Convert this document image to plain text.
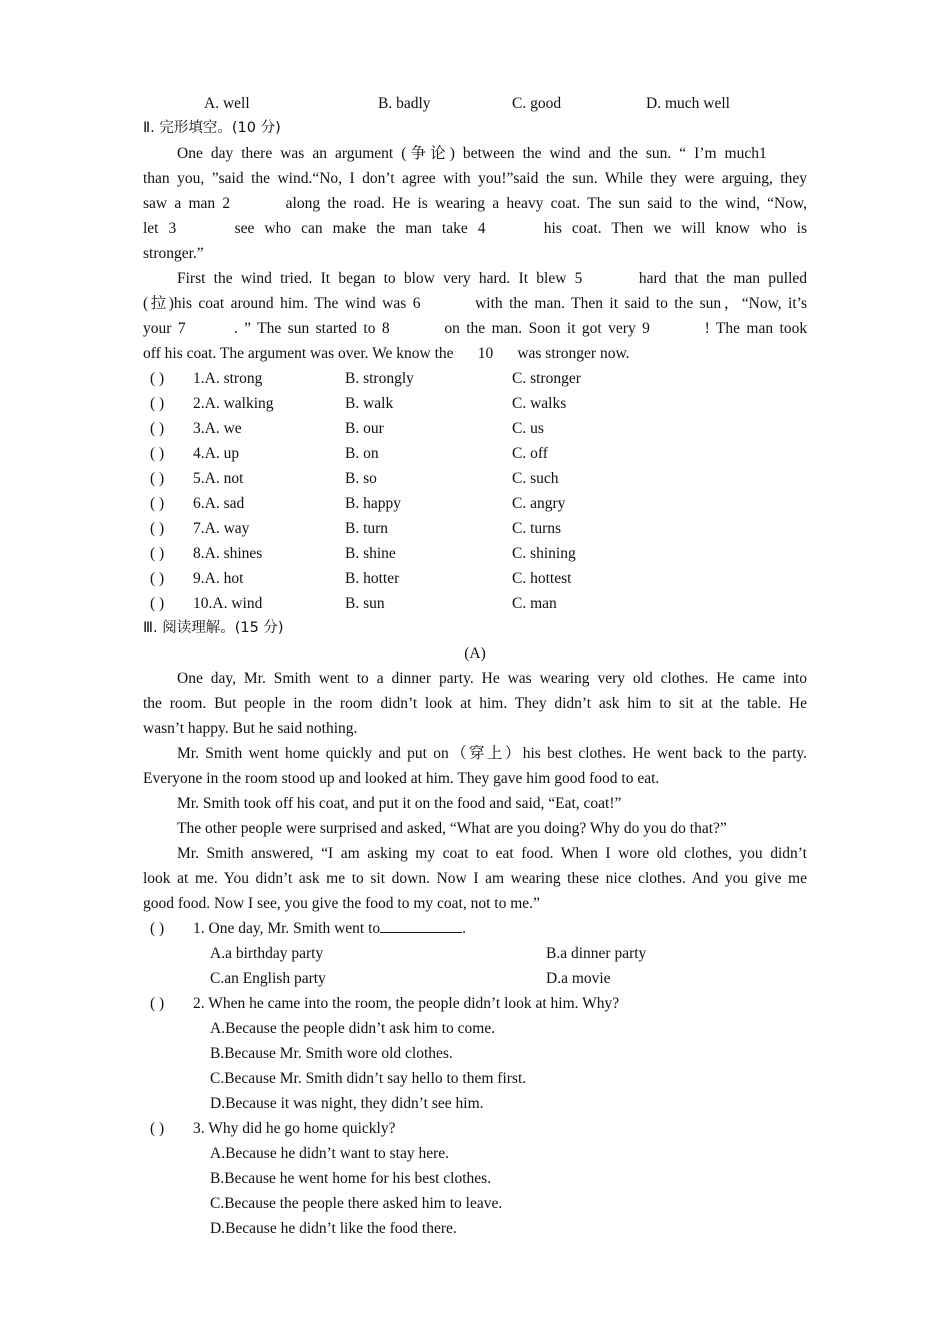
A. well	B. badly	C. good	D. much well
Ⅱ. 完形填空。(10 分)
One day there was an argument (争论) between the wind and the sun. “ I’m much1
than you, ”said the wind.“No, I don’t agree with you!”said the sun. While they were arguing, they
saw a man 2	along the road. He is wearing a heavy coat. The sun said to the wind, “Now,
let 3	see who can make the man take 4	his coat. Then we will know who is
stronger.”
First the wind tried. It began to blow very hard. It blew 5	hard that the man pulled
(拉)his coat around him. The wind was 6	with the man. Then it said to the sun，“Now, it’s
your 7	. ” The sun started to 8	on the man. Soon it got very 9	! The man took
off his coat. The argument was over. We know the 10 was stronger now.
( ) 1.A. strong	B. strongly	C. stronger
( ) 2.A. walking	B. walk	C. walks
( ) 3.A. we	B. our	C. us
( ) 4.A. up	B. on	C. off
( ) 5.A. not	B. so	C. such
( ) 6.A. sad	B. happy	C. angry
( ) 7.A. way	B. turn	C. turns
( ) 8.A. shines	B. shine	C. shining
( ) 9.A. hot	B. hotter	C. hottest
( ) 10.A. wind	B. sun	C. man
Ⅲ. 阅读理解。(15 分)
(A)
One day, Mr. Smith went to a dinner party. He was wearing very old clothes. He came into
the room. But people in the room didn’t look at him. They didn’t ask him to sit at the table. He
wasn’t happy. But he said nothing.
Mr. Smith went home quickly and put on（穿上）his best clothes. He went back to the party.
Everyone in the room stood up and looked at him. They gave him good food to eat.
Mr. Smith took off his coat, and put it on the food and said, “Eat, coat!”
The other people were surprised and asked, “What are you doing? Why do you do that?”
Mr. Smith answered, “I am asking my coat to eat food. When I wore old clothes, you didn’t
look at me. You didn’t ask me to sit down. Now I am wearing these nice clothes. And you give me
good food. Now I see, you give the food to my coat, not to me.”
( ) 1. One day, Mr. Smith went to	.
A.a birthday party	B.a dinner party
C.an English party	D.a movie
( ) 2. When he came into the room, the people didn’t look at him. Why?
A.Because the people didn’t ask him to come.
B.Because Mr. Smith wore old clothes.
C.Because Mr. Smith didn’t say hello to them first.
D.Because it was night, they didn’t see him.
( ) 3. Why did he go home quickly?
A.Because he didn’t want to stay here.
B.Because he went home for his best clothes.
C.Because the people there asked him to leave.
D.Because he didn’t like the food there.
